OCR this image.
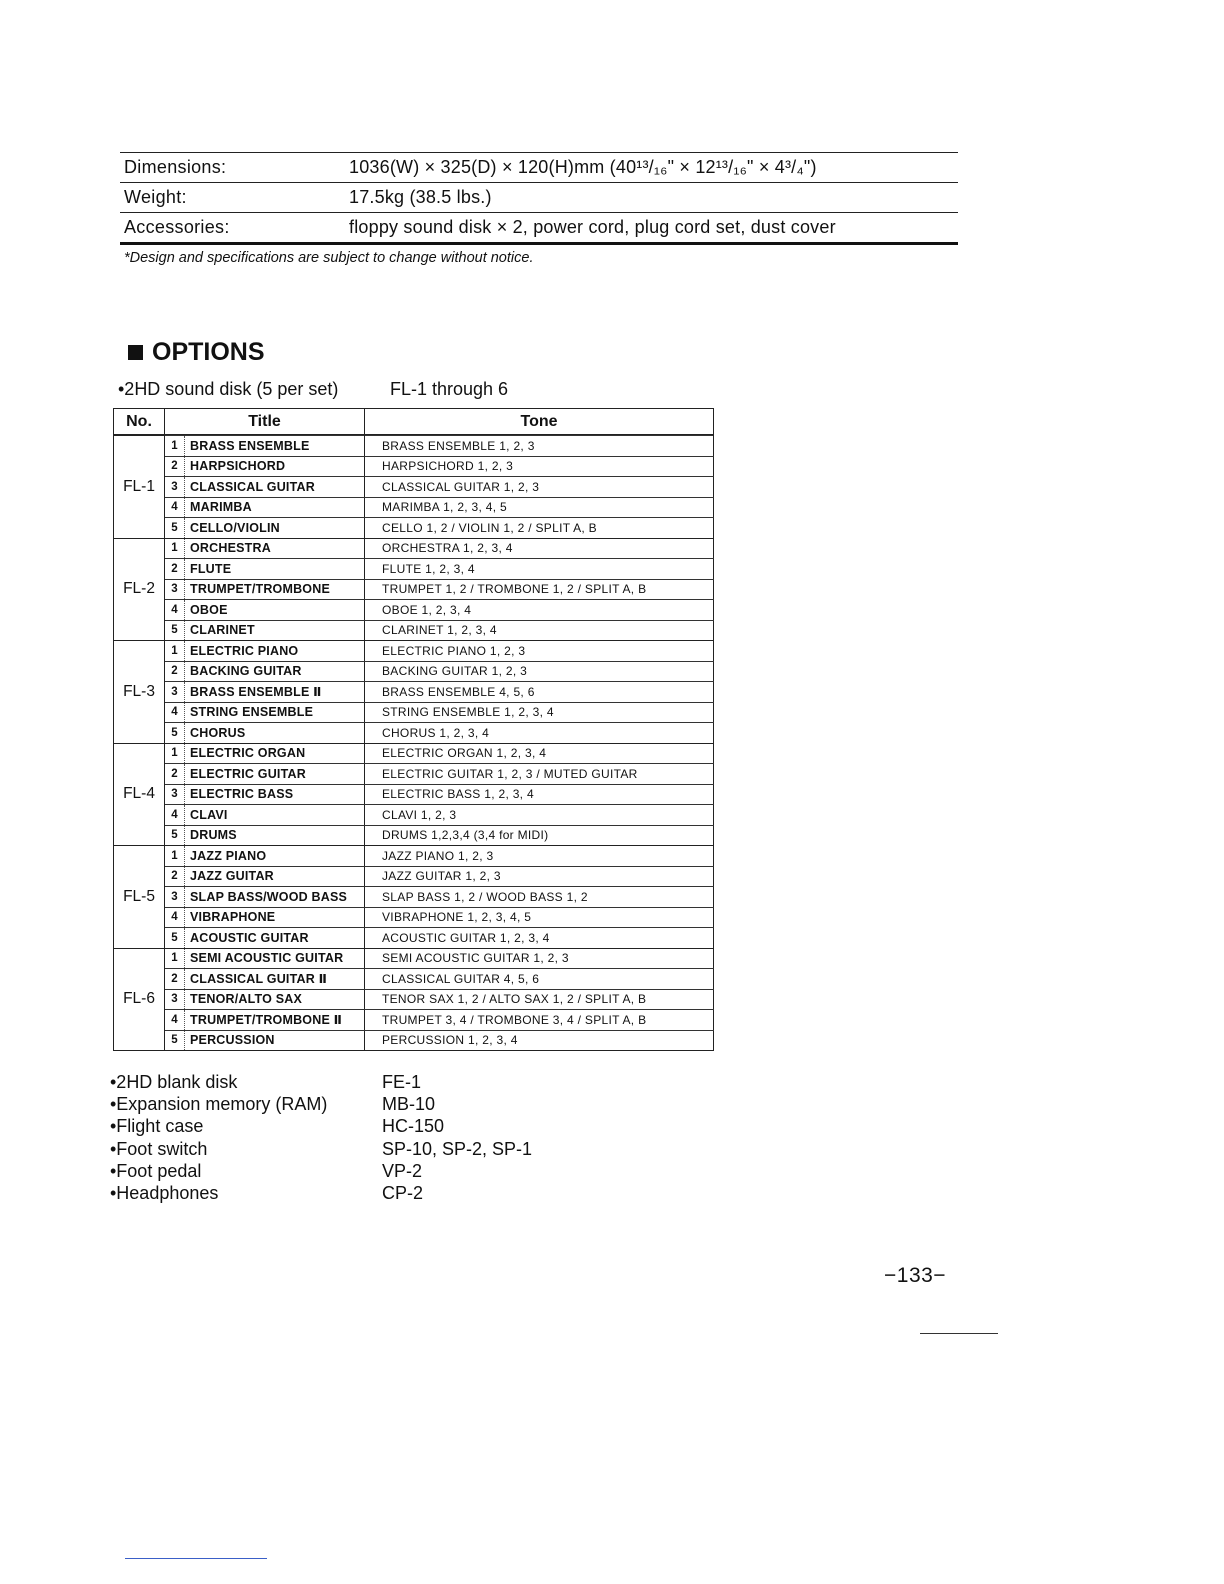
Dimensions:	1036(W) × 325(D) × 120(H)mm (40¹³/₁₆" × 12¹³/₁₆" × 4³/₄")
Weight:	17.5kg (38.5 lbs.)
Accessories:	floppy sound disk × 2, power cord, plug cord set, dust cover
*Design and specifications are subject to change without notice.
OPTIONS
•2HD sound disk (5 per set)	FL-1 through 6
No.	Title		Tone

FL-1	1	BRASS ENSEMBLE	BRASS ENSEMBLE 1, 2, 3
	2	HARPSICHORD	HARPSICHORD 1, 2, 3
	3	CLASSICAL GUITAR	CLASSICAL GUITAR 1, 2, 3
	4	MARIMBA	MARIMBA 1, 2, 3, 4, 5
	5	CELLO/VIOLIN	CELLO 1, 2 / VIOLIN 1, 2 / SPLIT A, B
FL-2	1	ORCHESTRA	ORCHESTRA 1, 2, 3, 4
	2	FLUTE	FLUTE 1, 2, 3, 4
	3	TRUMPET/TROMBONE	TRUMPET 1, 2 / TROMBONE 1, 2 / SPLIT A, B
	4	OBOE	OBOE 1, 2, 3, 4
	5	CLARINET	CLARINET 1, 2, 3, 4
FL-3	1	ELECTRIC PIANO	ELECTRIC PIANO 1, 2, 3
	2	BACKING GUITAR	BACKING GUITAR 1, 2, 3
	3	BRASS ENSEMBLE Ⅱ	BRASS ENSEMBLE 4, 5, 6
	4	STRING ENSEMBLE	STRING ENSEMBLE 1, 2, 3, 4
	5	CHORUS	CHORUS 1, 2, 3, 4
FL-4	1	ELECTRIC ORGAN	ELECTRIC ORGAN 1, 2, 3, 4
	2	ELECTRIC GUITAR	ELECTRIC GUITAR 1, 2, 3 / MUTED GUITAR
	3	ELECTRIC BASS	ELECTRIC BASS 1, 2, 3, 4
	4	CLAVI	CLAVI 1, 2, 3
	5	DRUMS	DRUMS 1,2,3,4 (3,4 for MIDI)
FL-5	1	JAZZ PIANO	JAZZ PIANO 1, 2, 3
	2	JAZZ GUITAR	JAZZ GUITAR 1, 2, 3
	3	SLAP BASS/WOOD BASS	SLAP BASS 1, 2 / WOOD BASS 1, 2
	4	VIBRAPHONE	VIBRAPHONE 1, 2, 3, 4, 5
	5	ACOUSTIC GUITAR	ACOUSTIC GUITAR 1, 2, 3, 4
FL-6	1	SEMI ACOUSTIC GUITAR	SEMI ACOUSTIC GUITAR 1, 2, 3
	2	CLASSICAL GUITAR Ⅱ	CLASSICAL GUITAR 4, 5, 6
	3	TENOR/ALTO SAX	TENOR SAX 1, 2 / ALTO SAX 1, 2 / SPLIT A, B
	4	TRUMPET/TROMBONE Ⅱ	TRUMPET 3, 4 / TROMBONE 3, 4 / SPLIT A, B
	5	PERCUSSION	PERCUSSION 1, 2, 3, 4
•2HD blank disk	FE-1
•Expansion memory (RAM)	MB-10
•Flight case	HC-150
•Foot switch	SP-10, SP-2, SP-1
•Foot pedal	VP-2
•Headphones	CP-2
−133−
